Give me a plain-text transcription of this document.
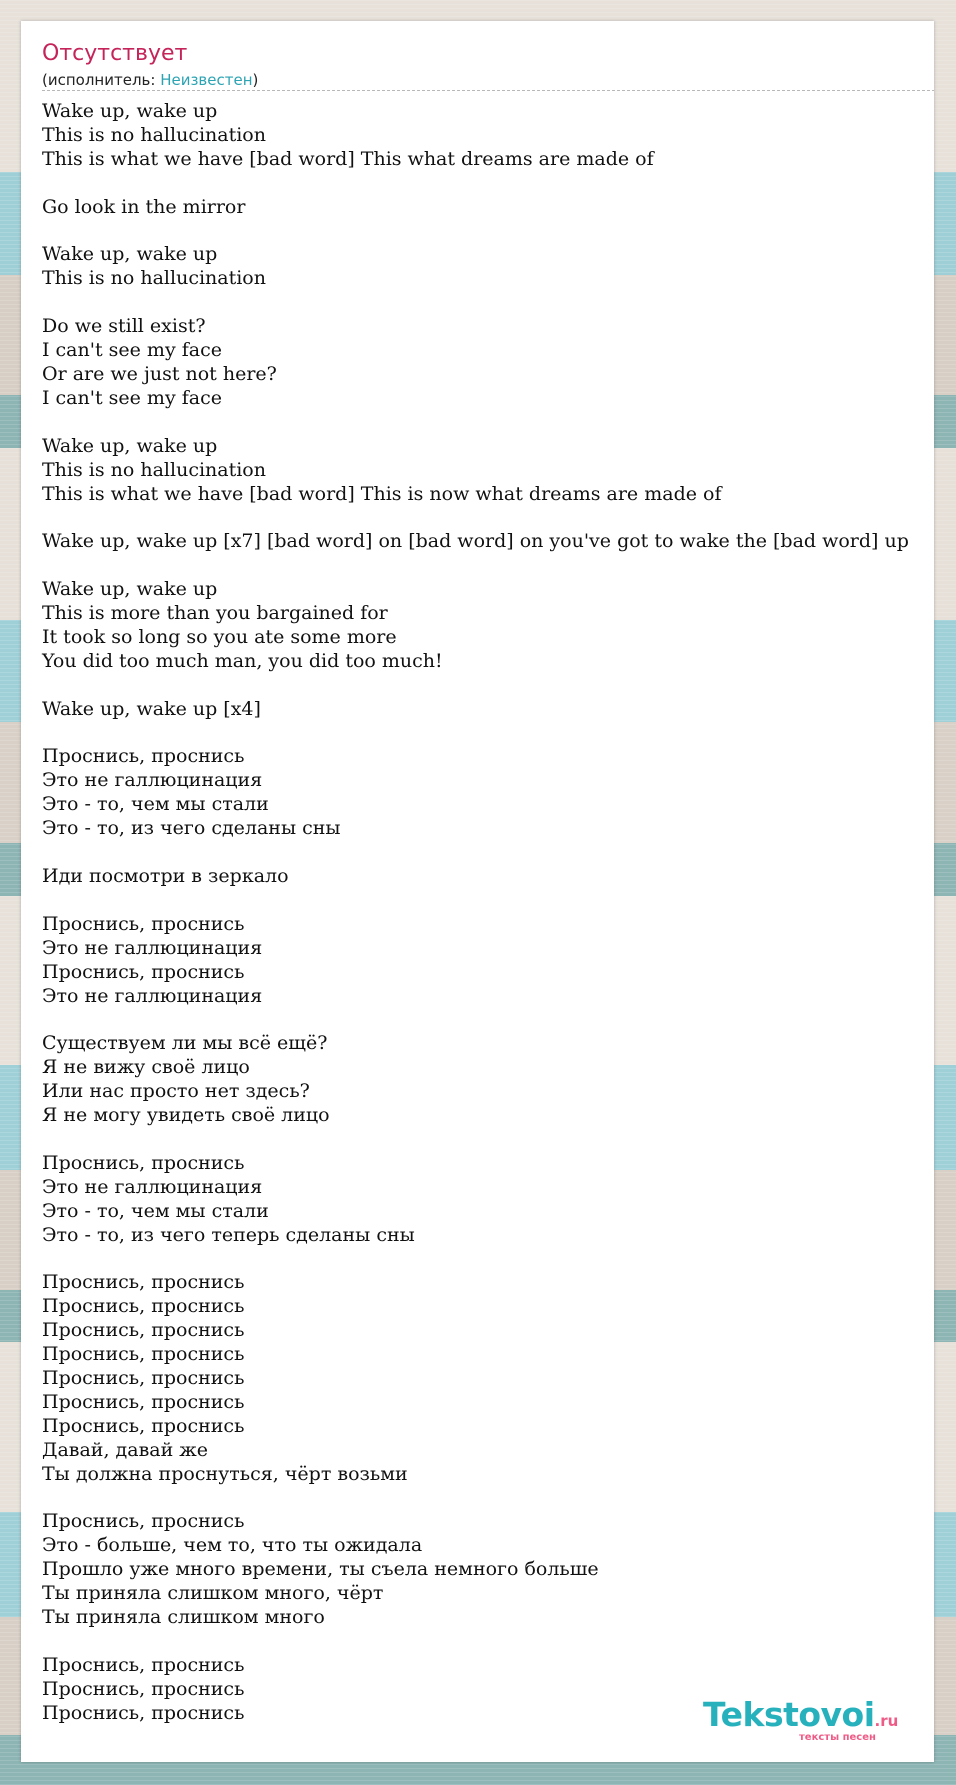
Отсутствует
(исполнитель: Неизвестен)
Wake up, wake up
This is no hallucination
This is what we have [bad word] This what dreams are made of

Go look in the mirror

Wake up, wake up
This is no hallucination

Do we still exist?
I can't see my face
Or are we just not here?
I can't see my face

Wake up, wake up
This is no hallucination
This is what we have [bad word] This is now what dreams are made of

Wake up, wake up [x7] [bad word] on [bad word] on you've got to wake the [bad word] up

Wake up, wake up
This is more than you bargained for
It took so long so you ate some more
You did too much man, you did too much!

Wake up, wake up [x4]

Проснись, проснись
Это не галлюцинация
Это - то, чем мы стали
Это - то, из чего сделаны сны

Иди посмотри в зеркало

Проснись, проснись
Это не галлюцинация
Проснись, проснись
Это не галлюцинация

Существуем ли мы всё ещё?
Я не вижу своё лицо
Или нас просто нет здесь?
Я не могу увидеть своё лицо

Проснись, проснись
Это не галлюцинация
Это - то, чем мы стали
Это - то, из чего теперь сделаны сны

Проснись, проснись
Проснись, проснись
Проснись, проснись
Проснись, проснись
Проснись, проснись
Проснись, проснись
Проснись, проснись
Давай, давай же
Ты должна проснуться, чёрт возьми

Проснись, проснись
Это - больше, чем то, что ты ожидала
Прошло уже много времени, ты съела немного больше
Ты приняла слишком много, чёрт
Ты приняла слишком много

Проснись, проснись
Проснись, проснись
Проснись, проснись	Tekstovoi.ru
тексты песен
